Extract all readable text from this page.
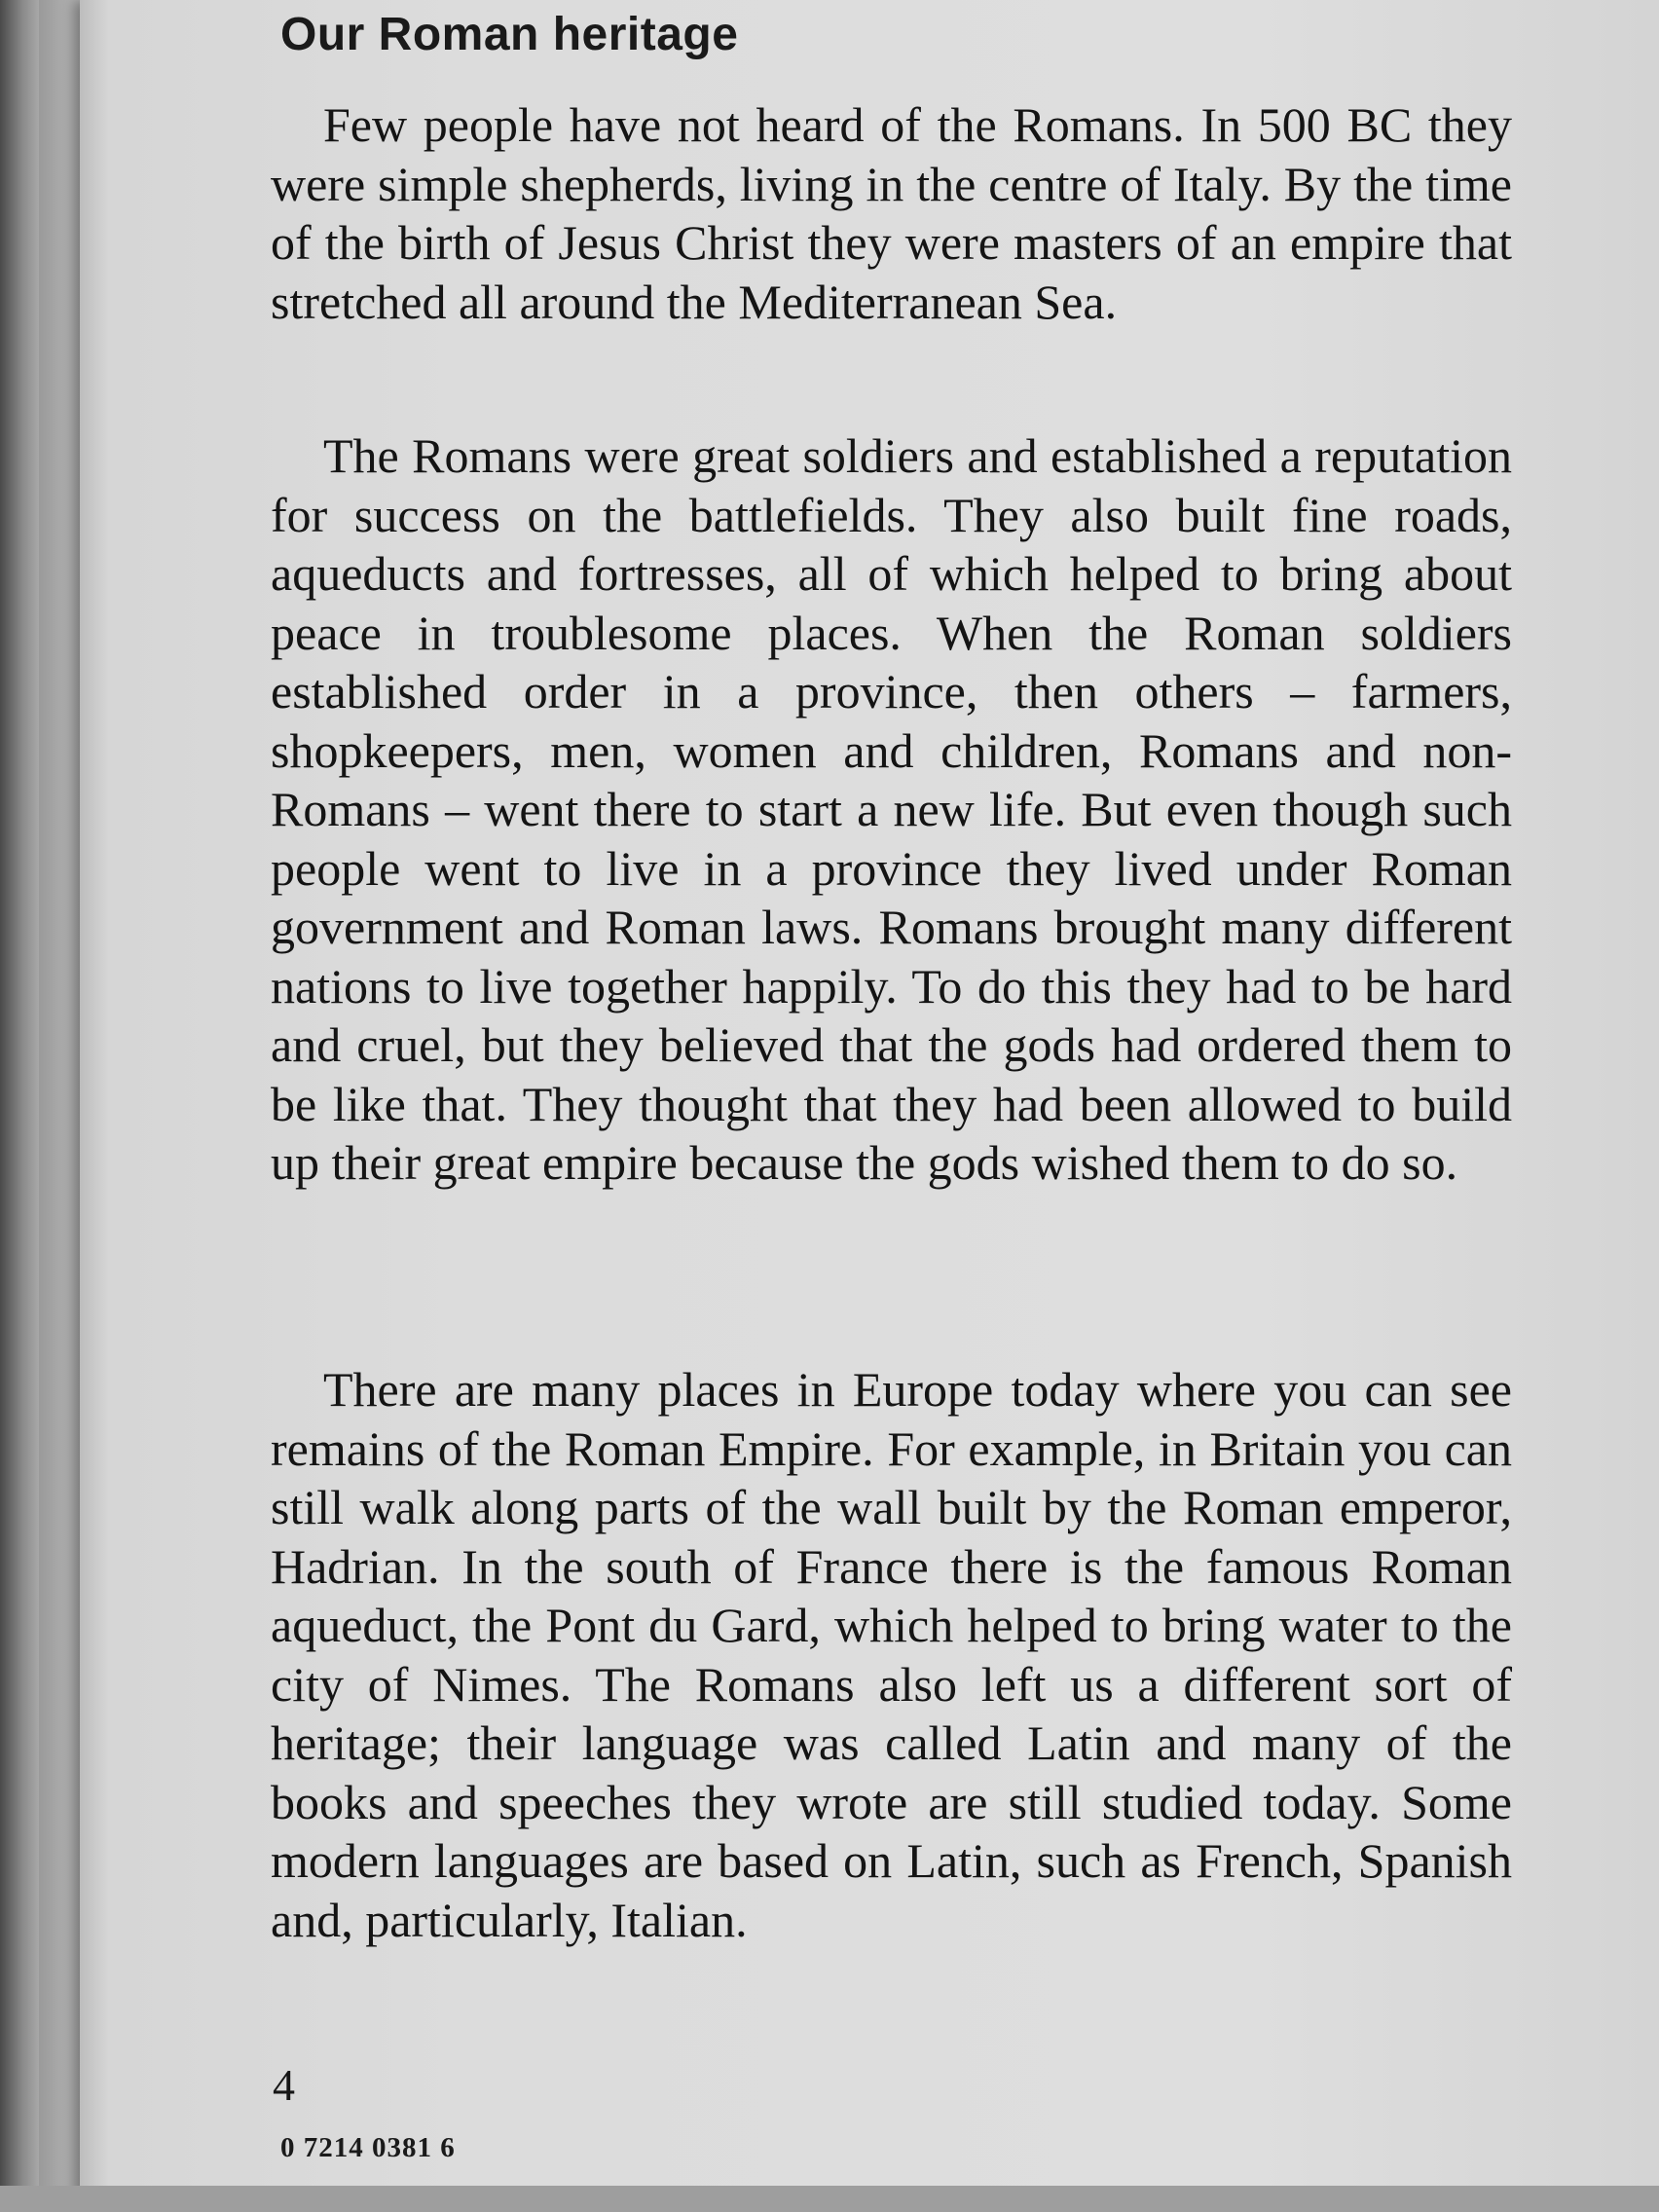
Our Roman heritage

Few people have not heard of the Romans. In 500 BC they were simple shepherds, living in the centre of Italy. By the time of the birth of Jesus Christ they were masters of an empire that stretched all around the Mediterranean Sea.

The Romans were great soldiers and established a reputation for success on the battlefields. They also built fine roads, aqueducts and fortresses, all of which helped to bring about peace in troublesome places. When the Roman soldiers established order in a province, then others – farmers, shopkeepers, men, women and children, Romans and non-Romans – went there to start a new life. But even though such people went to live in a province they lived under Roman government and Roman laws. Romans brought many different nations to live together happily. To do this they had to be hard and cruel, but they believed that the gods had ordered them to be like that. They thought that they had been allowed to build up their great empire because the gods wished them to do so.

There are many places in Europe today where you can see remains of the Roman Empire. For example, in Britain you can still walk along parts of the wall built by the Roman emperor, Hadrian. In the south of France there is the famous Roman aqueduct, the Pont du Gard, which helped to bring water to the city of Nimes. The Romans also left us a different sort of heritage; their language was called Latin and many of the books and speeches they wrote are still studied today. Some modern languages are based on Latin, such as French, Spanish and, particularly, Italian.

4

0 7214 0381 6
